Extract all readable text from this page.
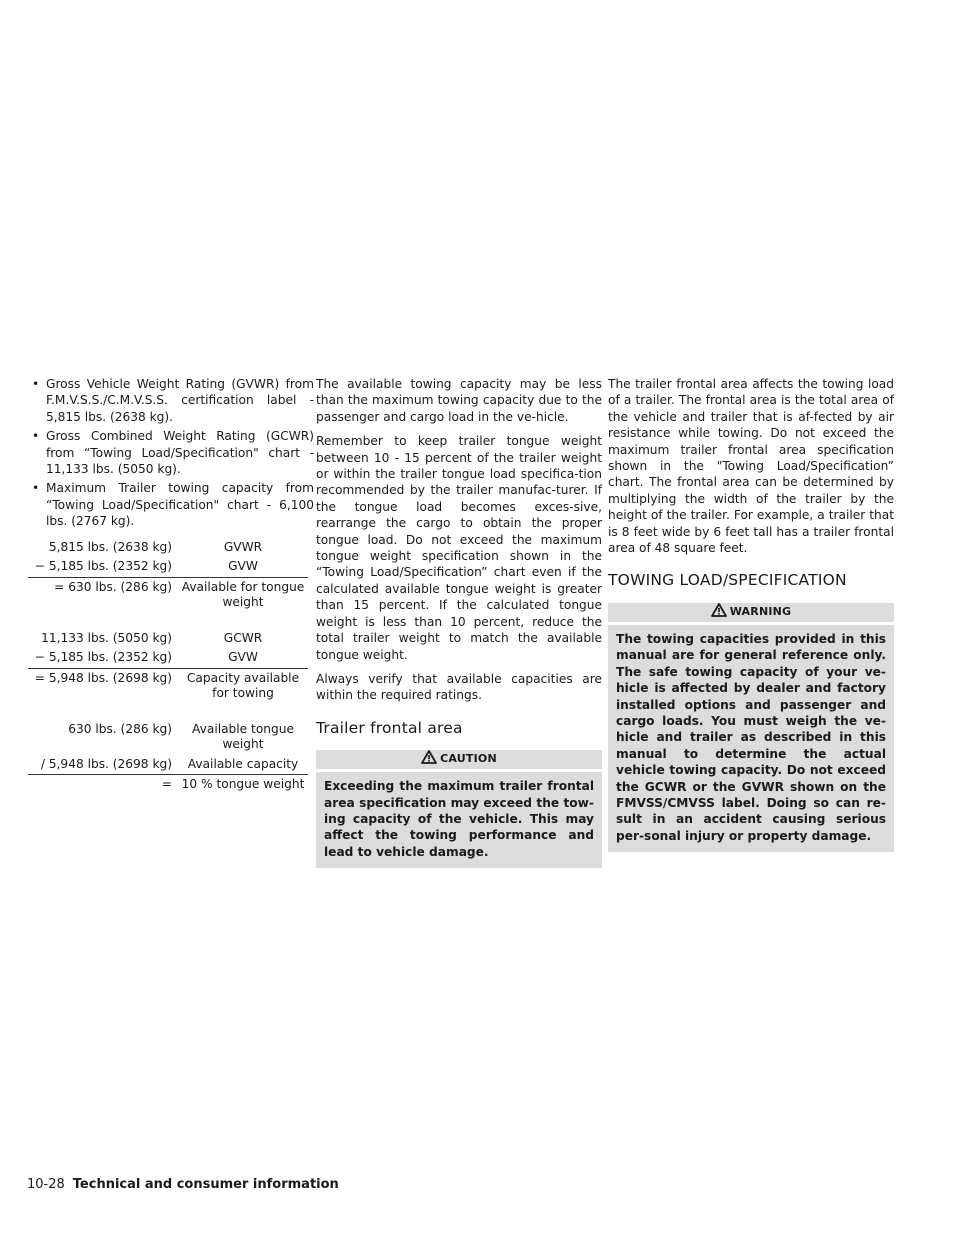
• Gross Vehicle Weight Rating (GVWR) from F.M.V.S.S./C.M.V.S.S. certification label - 5,815 lbs. (2638 kg).
• Gross Combined Weight Rating (GCWR) from “Towing Load/Specification" chart - 11,133 lbs. (5050 kg).
• Maximum Trailer towing capacity from “Towing Load/Specification" chart - 6,100 lbs. (2767 kg).
5,815 lbs. (2638 kg)	GVWR
− 5,185 lbs. (2352 kg)	GVW
= 630 lbs. (286 kg) Available for tongue weight
11,133 lbs. (5050 kg)	GCWR
− 5,185 lbs. (2352 kg)	GVW
= 5,948 lbs. (2698 kg)	Capacity available for towing
630 lbs. (286 kg)	Available tongue weight
/ 5,948 lbs. (2698 kg)	Available capacity
= 10 % tongue weight

The available towing capacity may be less than the maximum towing capacity due to the passenger and cargo load in the ve-hicle.

Remember to keep trailer tongue weight between 10 - 15 percent of the trailer weight or within the trailer tongue load specifica-tion recommended by the trailer manufac-turer. If the tongue load becomes exces-sive, rearrange the cargo to obtain the proper tongue load. Do not exceed the maximum tongue weight specification shown in the “Towing Load/Specification” chart even if the calculated available tongue weight is greater than 15 percent. If the calculated tongue weight is less than 10 percent, reduce the total trailer weight to match the available tongue weight.

Always verify that available capacities are within the required ratings.

Trailer frontal area
CAUTION
Exceeding the maximum trailer frontal area specification may exceed the tow-ing capacity of the vehicle. This may affect the towing performance and lead to vehicle damage.

The trailer frontal area affects the towing load of a trailer. The frontal area is the total area of the vehicle and trailer that is af-fected by air resistance while towing. Do not exceed the maximum trailer frontal area specification shown in the "Towing Load/Specification” chart. The frontal area can be determined by multiplying the width of the trailer by the height of the trailer. For example, a trailer that is 8 feet wide by 6 feet tall has a trailer frontal area of 48 square feet.

TOWING LOAD/SPECIFICATION
WARNING
The towing capacities provided in this manual are for general reference only. The safe towing capacity of your ve-hicle is affected by dealer and factory installed options and passenger and cargo loads. You must weigh the ve-hicle and trailer as described in this manual to determine the actual vehicle towing capacity. Do not exceed the GCWR or the GVWR shown on the FMVSS/CMVSS label. Doing so can re-sult in an accident causing serious per-sonal injury or property damage.
10-28 Technical and consumer information
